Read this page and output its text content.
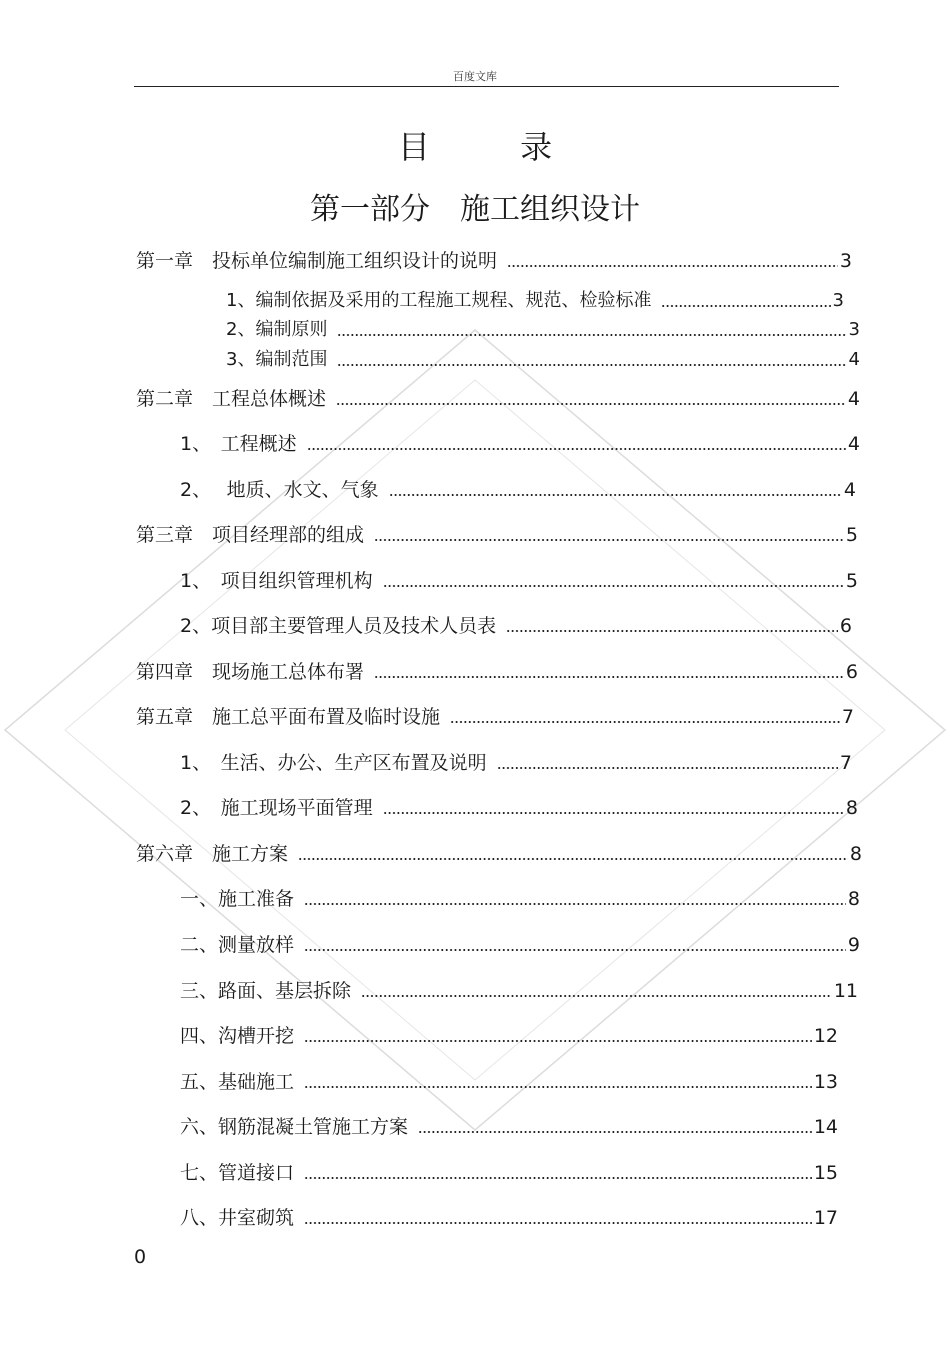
百度文库
目 录
第一部分　施工组织设计
第一章　投标单位编制施工组织设计的说明	3
1、编制依据及采用的工程施工规程、规范、检验标准	3
2、编制原则	3
3、编制范围	4
第二章　工程总体概述	4
1、　工程概述	4
2、　 地质、水文、气象	4
第三章　项目经理部的组成	5
1、　项目组织管理机构	5
2、项目部主要管理人员及技术人员表	6
第四章　现场施工总体布署	6
第五章　施工总平面布置及临时设施	7
1、　生活、办公、生产区布置及说明	7
2、　施工现场平面管理	8
第六章　施工方案	8
一、施工准备	8
二、测量放样	9
三、路面、基层拆除	11
四、沟槽开挖	12
五、基础施工	13
六、钢筋混凝土管施工方案	14
七、管道接口	15
八、井室砌筑	17
0
